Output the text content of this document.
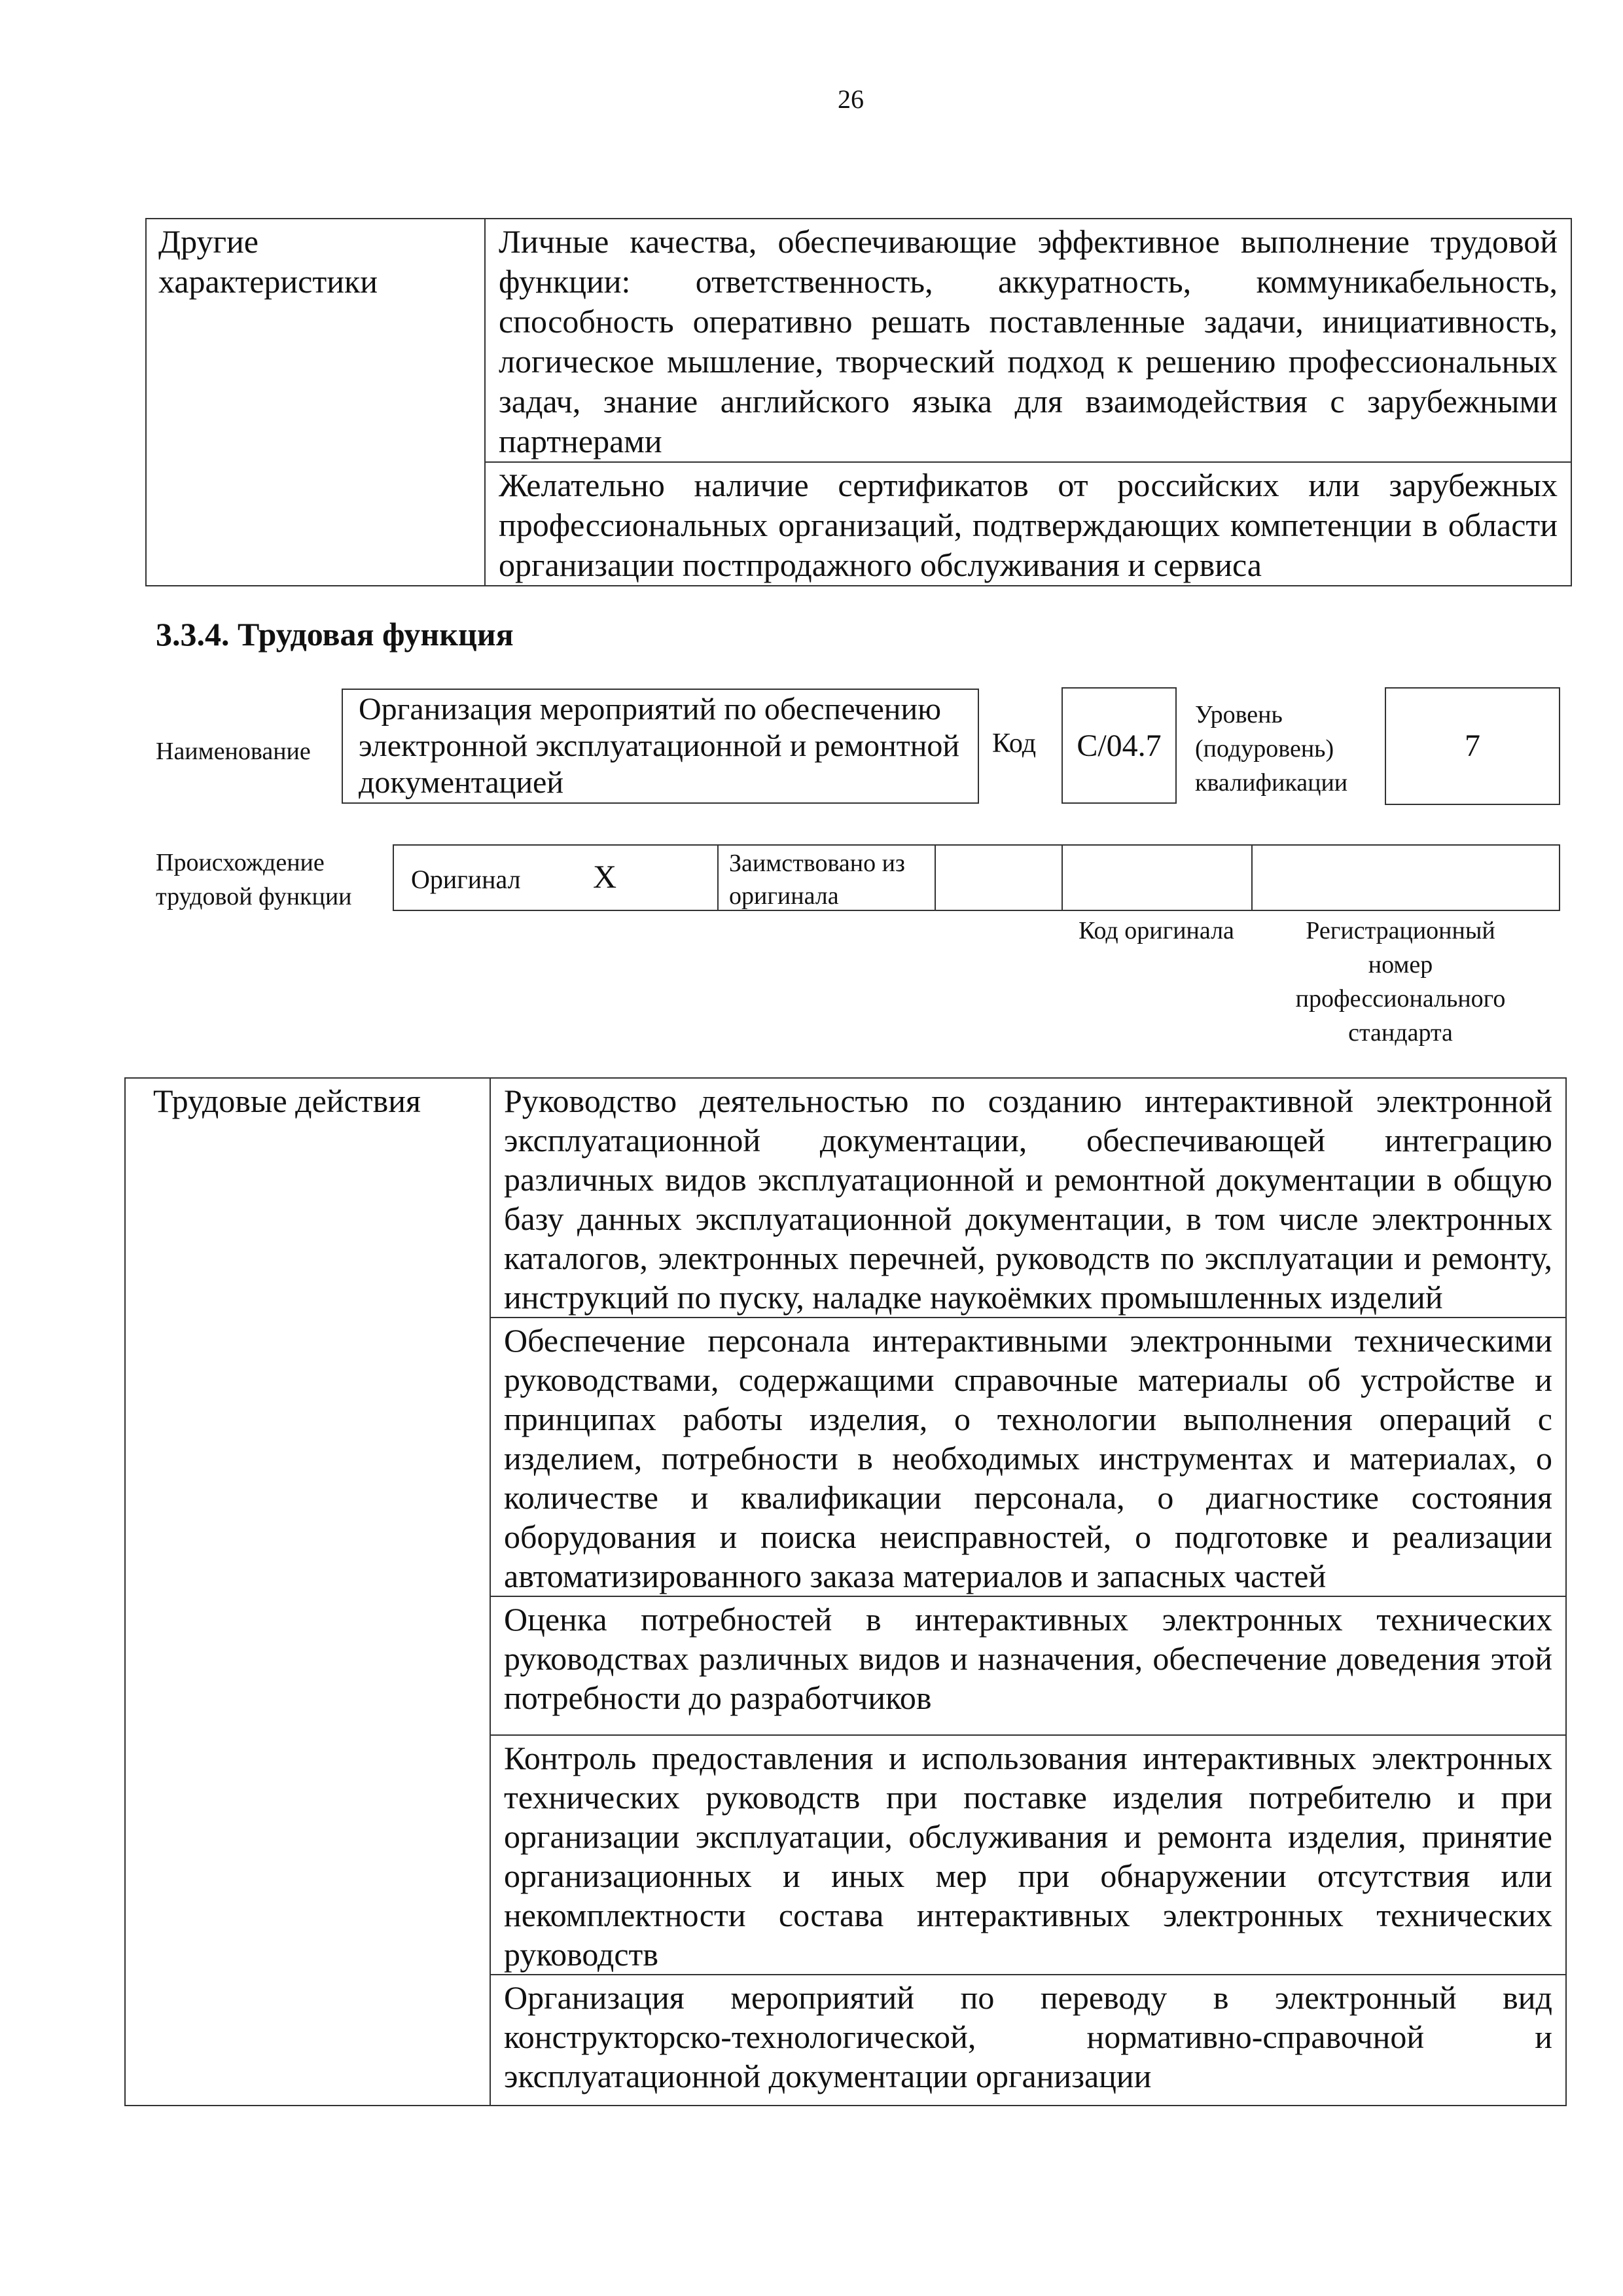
26
Другие характеристики	Личные качества, обеспечивающие эффективное выполнение трудовой функции: ответственность, аккуратность, коммуникабельность, способность оперативно решать поставленные задачи, инициативность, логическое мышление, творческий подход к решению профессиональных задач, знание английского языка для взаимодействия с зарубежными партнерами
Желательно наличие сертификатов от российских или зарубежных профессиональных организаций, подтверждающих компетенции в области организации постпродажного обслуживания и сервиса
3.3.4. Трудовая функция
Наименование
Организация мероприятий по обеспечению электронной эксплуатационной и ремонтной документацией
Код	C/04.7
Уровень (подуровень) квалификации
7
Происхождение трудовой функции
Оригинал X	Заимствовано из оригинала
Код оригинала	Регистрационный номер профессионального стандарта
Трудовые действия	Руководство деятельностью по созданию интерактивной электронной эксплуатационной документации, обеспечивающей интеграцию различных видов эксплуатационной и ремонтной документации в общую базу данных эксплуатационной документации, в том числе электронных каталогов, электронных перечней, руководств по эксплуатации и ремонту, инструкций по пуску, наладке наукоёмких промышленных изделий
Обеспечение персонала интерактивными электронными техническими руководствами, содержащими справочные материалы об устройстве и принципах работы изделия, о технологии выполнения операций с изделием, потребности в необходимых инструментах и материалах, о количестве и квалификации персонала, о диагностике состояния оборудования и поиска неисправностей, о подготовке и реализации автоматизированного заказа материалов и запасных частей
Оценка потребностей в интерактивных электронных технических руководствах различных видов и назначения, обеспечение доведения этой потребности до разработчиков
Контроль предоставления и использования интерактивных электронных технических руководств при поставке изделия потребителю и при организации эксплуатации, обслуживания и ремонта изделия, принятие организационных и иных мер при обнаружении отсутствия или некомплектности состава интерактивных электронных технических руководств
Организация мероприятий по переводу в электронный вид конструкторско-технологической, нормативно-справочной и эксплуатационной документации организации
